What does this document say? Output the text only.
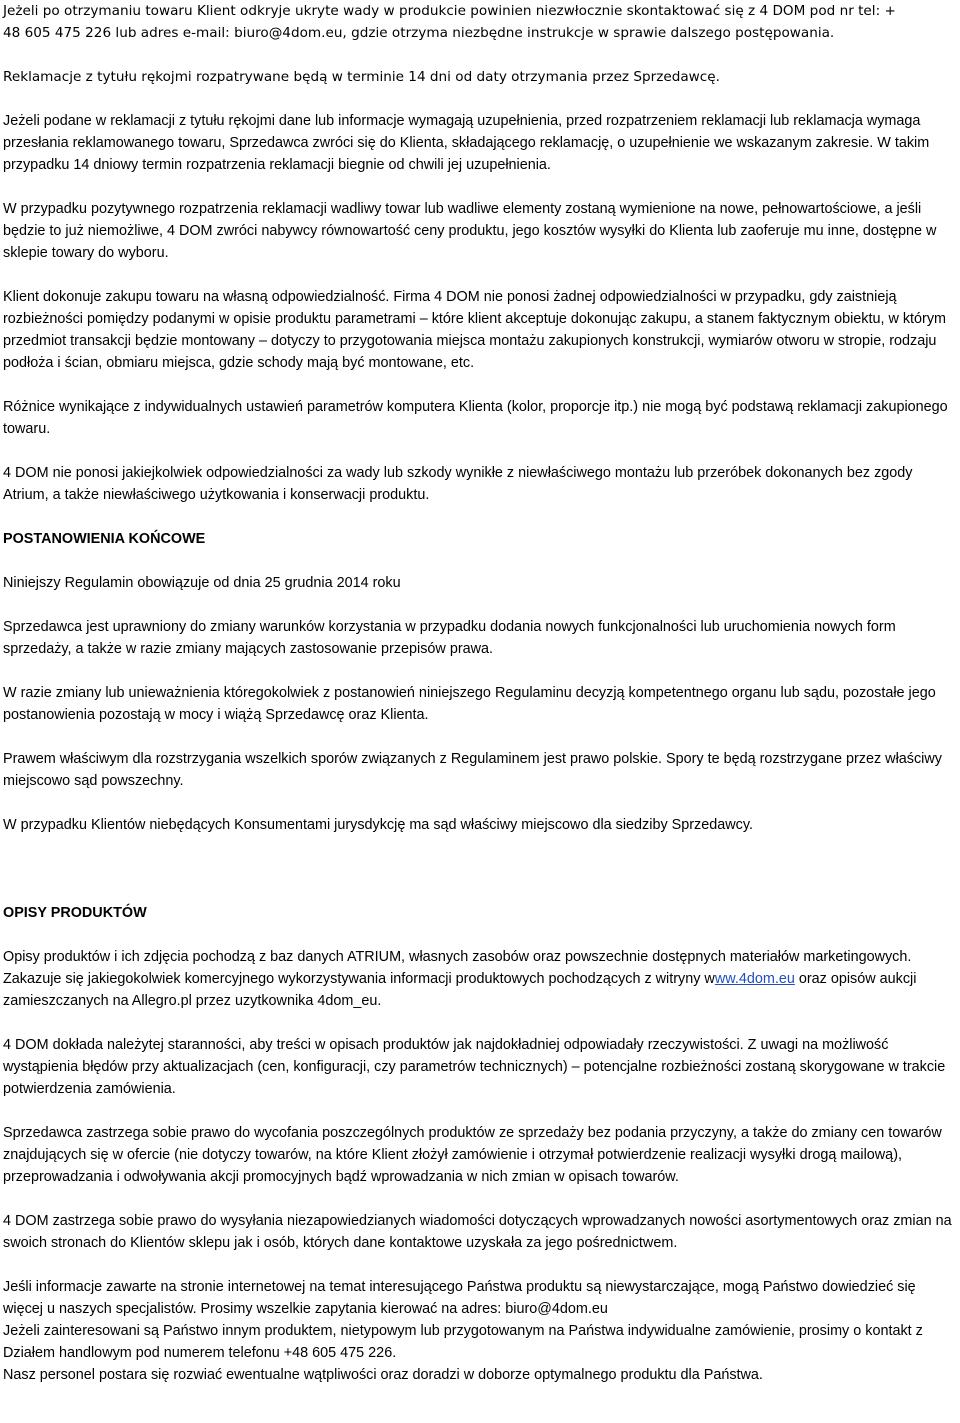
Jeżeli po otrzymaniu towaru Klient odkryje ukryte wady w produkcie powinien niezwłocznie skontaktować się z 4 DOM pod nr tel: +
48 605 475 226 lub adres e-mail: biuro@4dom.eu, gdzie otrzyma niezbędne instrukcje w sprawie dalszego postępowania.

Reklamacje z tytułu rękojmi rozpatrywane będą w terminie 14 dni od daty otrzymania przez Sprzedawcę.

Jeżeli podane w reklamacji z tytułu rękojmi dane lub informacje wymagają uzupełnienia, przed rozpatrzeniem reklamacji lub reklamacja wymaga przesłania reklamowanego towaru, Sprzedawca zwróci się do Klienta, składającego reklamację, o uzupełnienie we wskazanym zakresie. W takim przypadku 14 dniowy termin rozpatrzenia reklamacji biegnie od chwili jej uzupełnienia.

W przypadku pozytywnego rozpatrzenia reklamacji wadliwy towar lub wadliwe elementy zostaną wymienione na nowe, pełnowartościowe, a jeśli będzie to już niemożliwe, 4 DOM zwróci nabywcy równowartość ceny produktu, jego kosztów wysyłki do Klienta lub zaoferuje mu inne, dostępne w sklepie towary do wyboru.

Klient dokonuje zakupu towaru na własną odpowiedzialność. Firma 4 DOM nie ponosi żadnej odpowiedzialności w przypadku, gdy zaistnieją rozbieżności pomiędzy podanymi w opisie produktu parametrami – które klient akceptuje dokonując zakupu, a stanem faktycznym obiektu, w którym przedmiot transakcji będzie montowany – dotyczy to przygotowania miejsca montażu zakupionych konstrukcji, wymiarów otworu w stropie, rodzaju podłoża i ścian, obmiaru miejsca, gdzie schody mają być montowane, etc.

Różnice wynikające z indywidualnych ustawień parametrów komputera Klienta (kolor, proporcje itp.) nie mogą być podstawą reklamacji zakupionego towaru.

4 DOM nie ponosi jakiejkolwiek odpowiedzialności za wady lub szkody wynikłe z niewłaściwego montażu lub przeróbek dokonanych bez zgody Atrium, a także niewłaściwego użytkowania i konserwacji produktu.

POSTANOWIENIA KOŃCOWE

Niniejszy Regulamin obowiązuje od dnia 25 grudnia 2014 roku

Sprzedawca jest uprawniony do zmiany warunków korzystania w przypadku dodania nowych funkcjonalności lub uruchomienia nowych form sprzedaży, a także w razie zmiany mających zastosowanie przepisów prawa.

W razie zmiany lub unieważnienia któregokolwiek z postanowień niniejszego Regulaminu decyzją kompetentnego organu lub sądu, pozostałe jego postanowienia pozostają w mocy i wiążą Sprzedawcę oraz Klienta.

Prawem właściwym dla rozstrzygania wszelkich sporów związanych z Regulaminem jest prawo polskie. Spory te będą rozstrzygane przez właściwy miejscowo sąd powszechny.

W przypadku Klientów niebędących Konsumentami jurysdykcję ma sąd właściwy miejscowo dla siedziby Sprzedawcy.

OPISY PRODUKTÓW

Opisy produktów i ich zdjęcia pochodzą z baz danych ATRIUM, własnych zasobów oraz powszechnie dostępnych materiałów marketingowych. Zakazuje się jakiegokolwiek komercyjnego wykorzystywania informacji produktowych pochodzących z witryny www.4dom.eu oraz opisów aukcji zamieszczanych na Allegro.pl przez uzytkownika 4dom_eu.

4 DOM dokłada należytej staranności, aby treści w opisach produktów jak najdokładniej odpowiadały rzeczywistości. Z uwagi na możliwość wystąpienia błędów przy aktualizacjach (cen, konfiguracji, czy parametrów technicznych) – potencjalne rozbieżności zostaną skorygowane w trakcie potwierdzenia zamówienia.

Sprzedawca zastrzega sobie prawo do wycofania poszczególnych produktów ze sprzedaży bez podania przyczyny, a także do zmiany cen towarów znajdujących się w ofercie (nie dotyczy towarów, na które Klient złożył zamówienie i otrzymał potwierdzenie realizacji wysyłki drogą mailową), przeprowadzania i odwoływania akcji promocyjnych bądź wprowadzania w nich zmian w opisach towarów.

4 DOM zastrzega sobie prawo do wysyłania niezapowiedzianych wiadomości dotyczących wprowadzanych nowości asortymentowych oraz zmian na swoich stronach do Klientów sklepu jak i osób, których dane kontaktowe uzyskała za jego pośrednictwem.

Jeśli informacje zawarte na stronie internetowej na temat interesującego Państwa produktu są niewystarczające, mogą Państwo dowiedzieć się więcej u naszych specjalistów. Prosimy wszelkie zapytania kierować na adres: biuro@4dom.eu
Jeżeli zainteresowani są Państwo innym produktem, nietypowym lub przygotowanym na Państwa indywidualne zamówienie, prosimy o kontakt z Działem handlowym pod numerem telefonu +48 605 475 226.
Nasz personel postara się rozwiać ewentualne wątpliwości oraz doradzi w doborze optymalnego produktu dla Państwa.
